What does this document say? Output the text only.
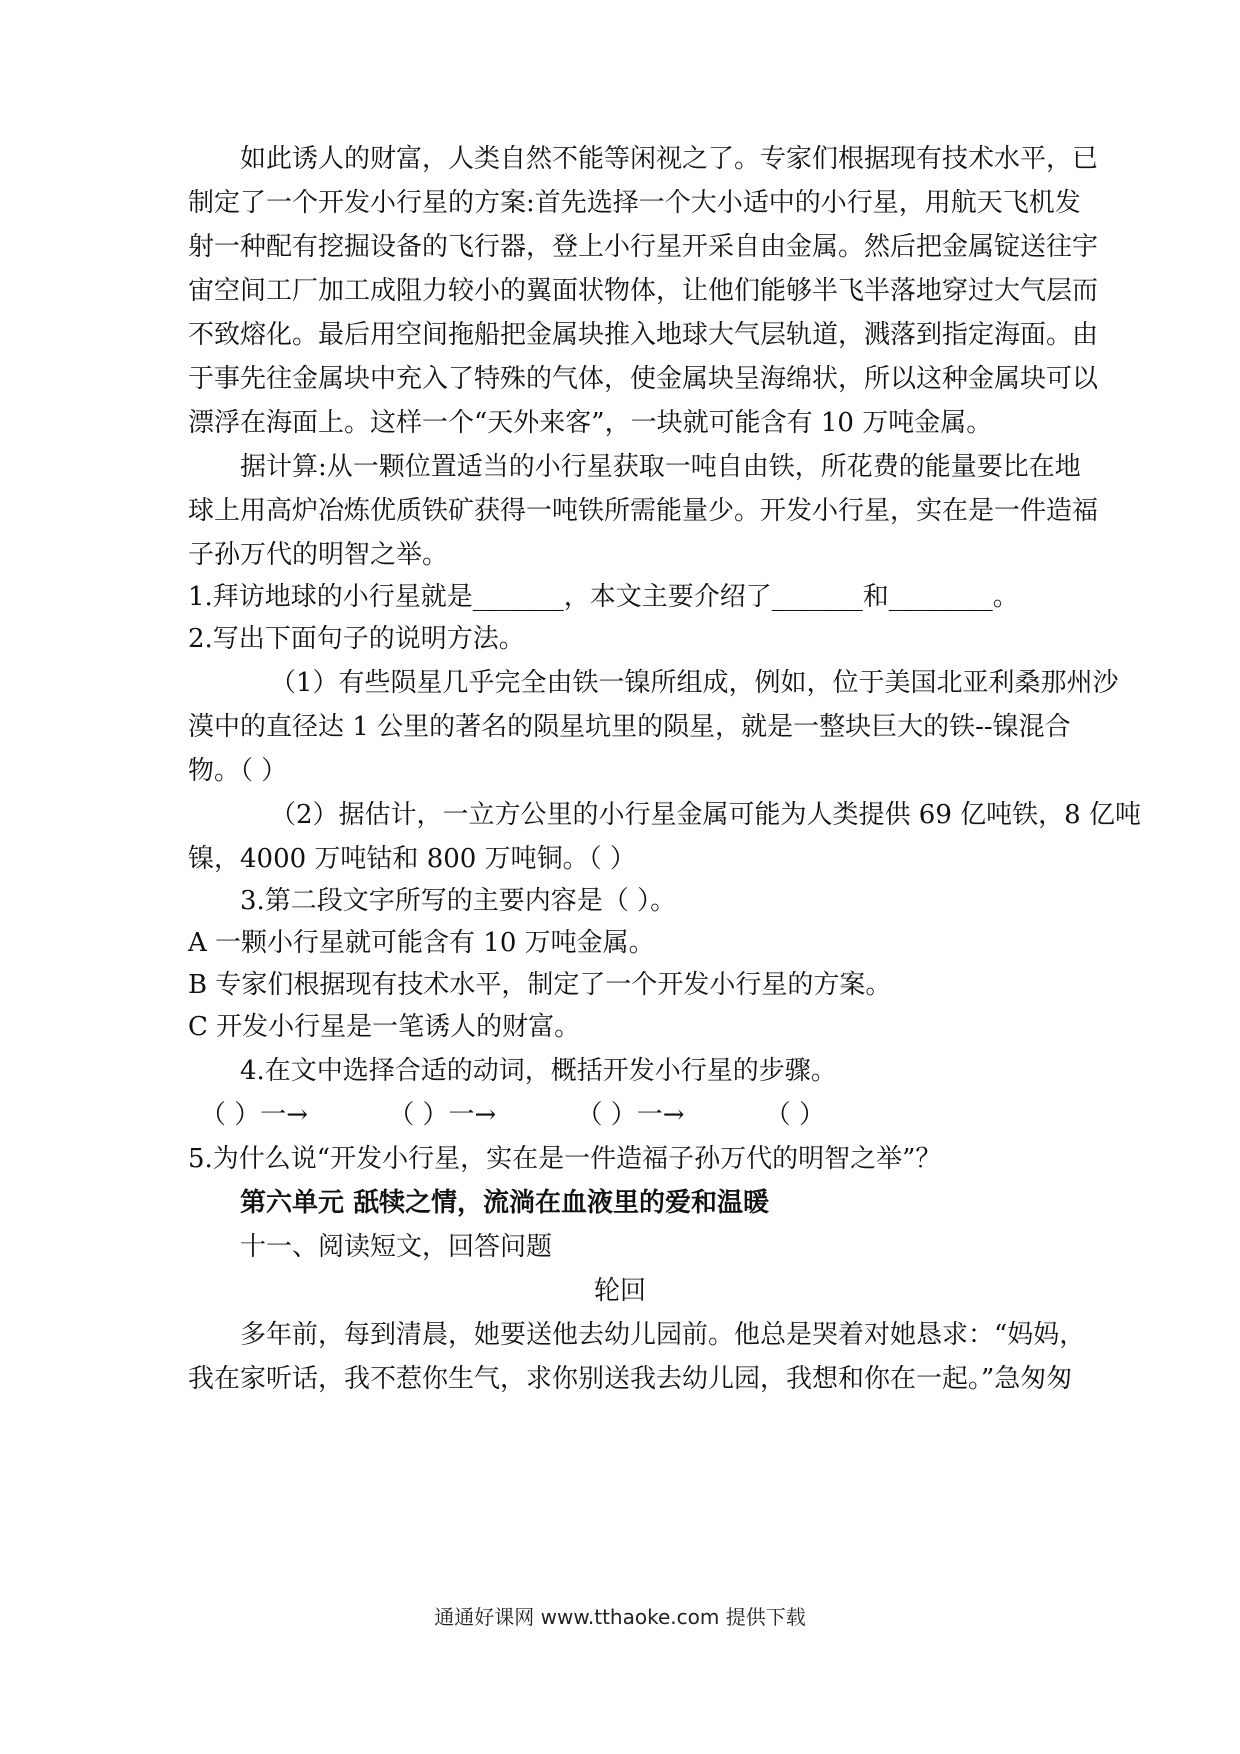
如此诱人的财富，人类自然不能等闲视之了。专家们根据现有技术水平，已
制定了一个开发小行星的方案:首先选择一个大小适中的小行星，用航天飞机发
射一种配有挖掘设备的飞行器，登上小行星开采自由金属。然后把金属锭送往宇
宙空间工厂加工成阻力较小的翼面状物体，让他们能够半飞半落地穿过大气层而
不致熔化。最后用空间拖船把金属块推入地球大气层轨道，溅落到指定海面。由
于事先往金属块中充入了特殊的气体，使金属块呈海绵状，所以这种金属块可以
漂浮在海面上。这样一个“天外来客”，一块就可能含有 10 万吨金属。
据计算:从一颗位置适当的小行星获取一吨自由铁，所花费的能量要比在地
球上用高炉冶炼优质铁矿获得一吨铁所需能量少。开发小行星，实在是一件造福
子孙万代的明智之举。
1.拜访地球的小行星就是_______，本文主要介绍了_______和________。
2.写出下面句子的说明方法。
（1）有些陨星几乎完全由铁一镍所组成，例如，位于美国北亚利桑那州沙
漠中的直径达 1 公里的著名的陨星坑里的陨星，就是一整块巨大的铁--镍混合
物。（ ）
（2）据估计，一立方公里的小行星金属可能为人类提供 69 亿吨铁，8 亿吨
镍，4000 万吨钴和 800 万吨铜。（ ）
3.第二段文字所写的主要内容是（ ）。
A 一颗小行星就可能含有 10 万吨金属。
B 专家们根据现有技术水平，制定了一个开发小行星的方案。
C 开发小行星是一笔诱人的财富。
4.在文中选择合适的动词，概括开发小行星的步骤。
（ ）一→	（ ）一→	（ ）一→	（ ）
5.为什么说“开发小行星，实在是一件造福子孙万代的明智之举”？
第六单元 舐犊之情，流淌在血液里的爱和温暖
十一、阅读短文，回答问题
轮回
多年前，每到清晨，她要送他去幼儿园前。他总是哭着对她恳求：“妈妈，
我在家听话，我不惹你生气，求你别送我去幼儿园，我想和你在一起。”急匆匆
通通好课网 www.tthaoke.com 提供下载
